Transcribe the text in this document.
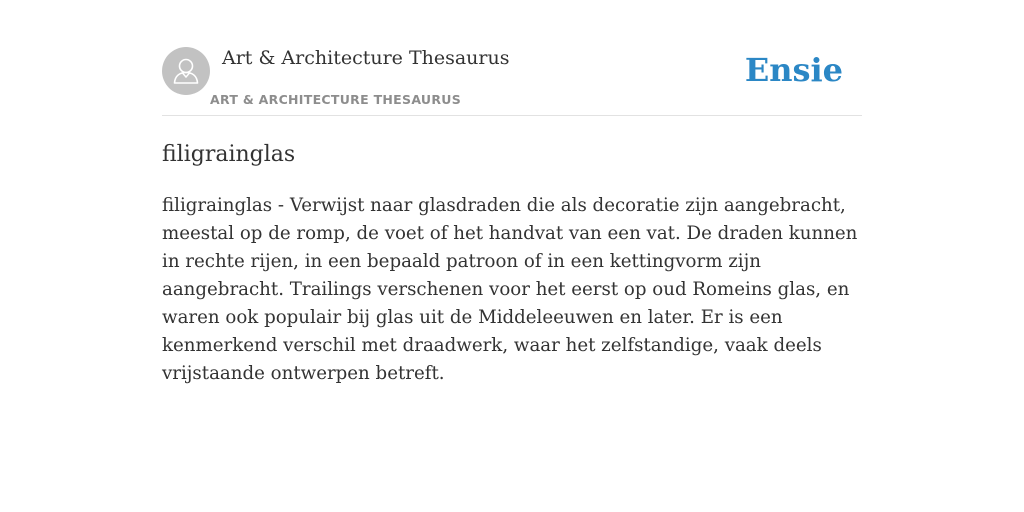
Art & Architecture Thesaurus
ART & ARCHITECTURE THESAURUS
Ensie
filigrainglas

filigrainglas - Verwijst naar glasdraden die als decoratie zijn aangebracht, meestal op de romp, de voet of het handvat van een vat. De draden kunnen in rechte rijen, in een bepaald patroon of in een kettingvorm zijn aangebracht. Trailings verschenen voor het eerst op oud Romeins glas, en waren ook populair bij glas uit de Middeleeuwen en later. Er is een kenmerkend verschil met draadwerk, waar het zelfstandige, vaak deels vrijstaande ontwerpen betreft.
